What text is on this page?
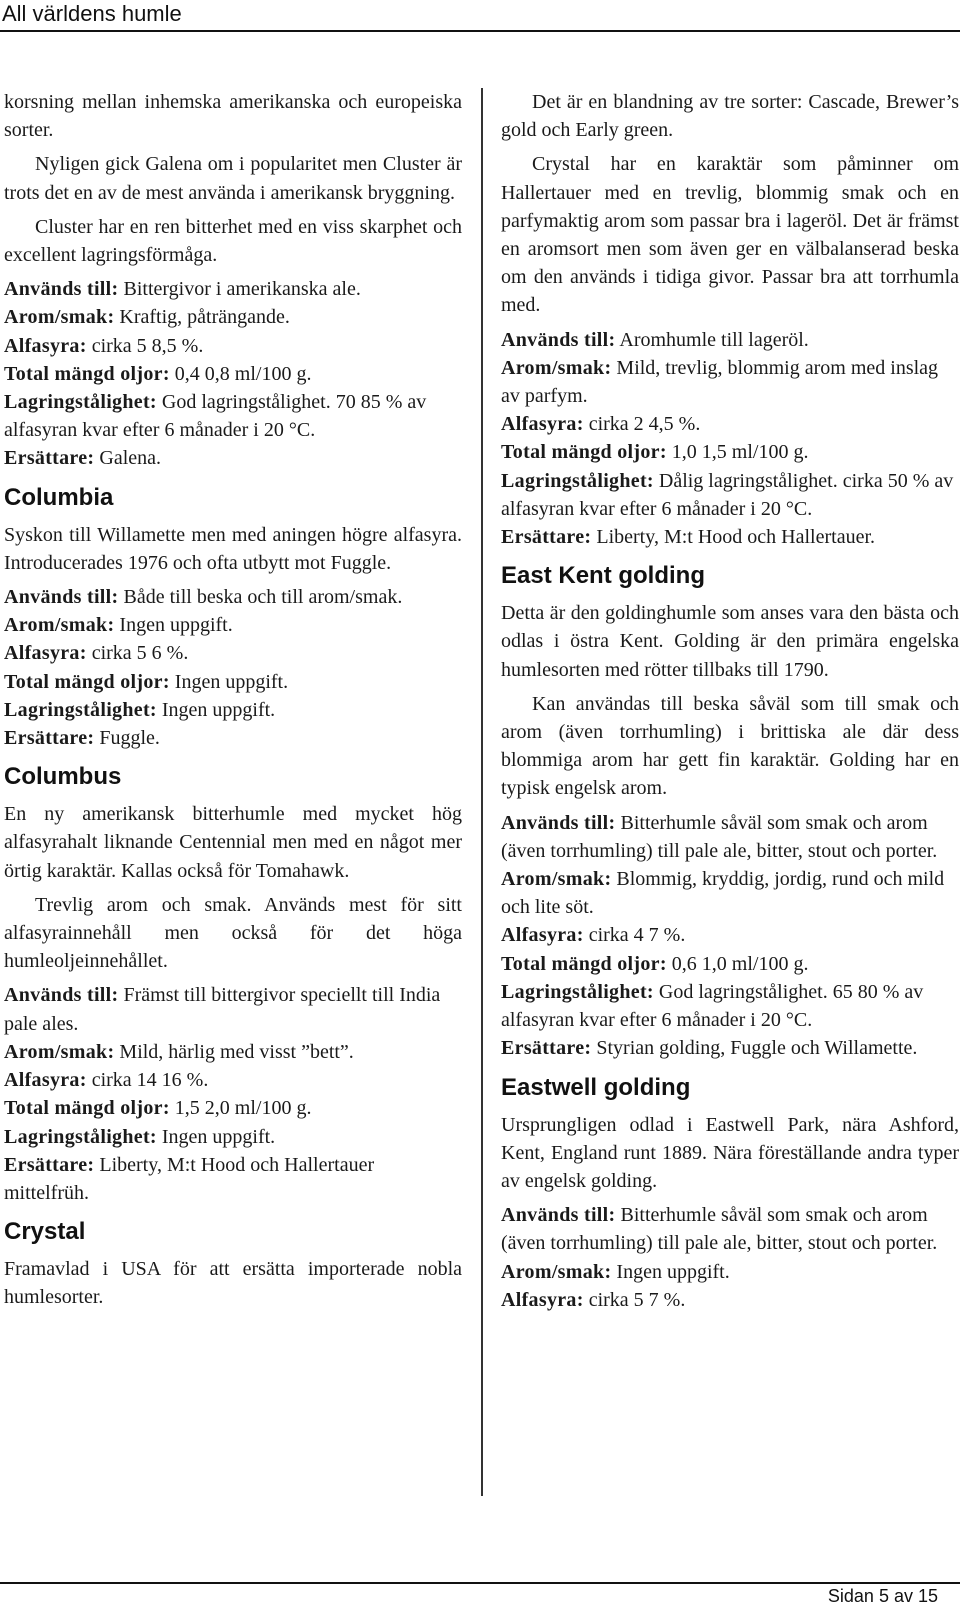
All världens humle

korsning mellan inhemska amerikanska och europeiska sorter.

Nyligen gick Galena om i popularitet men Cluster är trots det en av de mest använda i amerikansk bryggning.

Cluster har en ren bitterhet med en viss skarphet och excellent lagringsförmåga.

Används till: Bittergivor i amerikanska ale.

Arom/smak: Kraftig, påträngande.

Alfasyra: cirka 5 8,5 %.

Total mängd oljor: 0,4 0,8 ml/100 g.

Lagringstålighet: God lagringstålighet. 70 85 % av alfasyran kvar efter 6 månader i 20 °C.

Ersättare: Galena.

Columbia

Syskon till Willamette men med aningen högre alfasyra. Introducerades 1976 och ofta utbytt mot Fuggle.

Används till: Både till beska och till arom/smak.

Arom/smak: Ingen uppgift.

Alfasyra: cirka 5 6 %.

Total mängd oljor: Ingen uppgift.

Lagringstålighet: Ingen uppgift.

Ersättare: Fuggle.

Columbus

En ny amerikansk bitterhumle med mycket hög alfasyrahalt liknande Centennial men med en något mer örtig karaktär. Kallas också för Tomahawk.

Trevlig arom och smak. Används mest för sitt alfasyrainnehåll men också för det höga humleoljeinnehållet.

Används till: Främst till bittergivor speciellt till India pale ales.

Arom/smak: Mild, härlig med visst ”bett”.

Alfasyra: cirka 14 16 %.

Total mängd oljor: 1,5 2,0 ml/100 g.

Lagringstålighet: Ingen uppgift.

Ersättare: Liberty, M:t Hood och Hallertauer mittelfrüh.

Crystal

Framavlad i USA för att ersätta importerade nobla humlesorter.

Det är en blandning av tre sorter: Cascade, Brewer’s gold och Early green.

Crystal har en karaktär som påminner om Hallertauer med en trevlig, blommig smak och en parfymaktig arom som passar bra i lageröl. Det är främst en aromsort men som även ger en välbalanserad beska om den används i tidiga givor. Passar bra att torrhumla med.

Används till: Aromhumle till lageröl.

Arom/smak: Mild, trevlig, blommig arom med inslag av parfym.

Alfasyra: cirka 2 4,5 %.

Total mängd oljor: 1,0 1,5 ml/100 g.

Lagringstålighet: Dålig lagringstålighet. cirka 50 % av alfasyran kvar efter 6 månader i 20 °C.

Ersättare: Liberty, M:t Hood och Hallertauer.

East Kent golding

Detta är den goldinghumle som anses vara den bästa och odlas i östra Kent. Golding är den primära engelska humlesorten med rötter tillbaks till 1790.

Kan användas till beska såväl som till smak och arom (även torrhumling) i brittiska ale där dess blommiga arom har gett fin karaktär. Golding har en typisk engelsk arom.

Används till: Bitterhumle såväl som smak och arom (även torrhumling) till pale ale, bitter, stout och porter.

Arom/smak: Blommig, kryddig, jordig, rund och mild och lite söt.

Alfasyra: cirka 4 7 %.

Total mängd oljor: 0,6 1,0 ml/100 g.

Lagringstålighet: God lagringstålighet. 65 80 % av alfasyran kvar efter 6 månader i 20 °C.

Ersättare: Styrian golding, Fuggle och Willamette.

Eastwell golding

Ursprungligen odlad i Eastwell Park, nära Ashford, Kent, England runt 1889. Nära föreställande andra typer av engelsk golding.

Används till: Bitterhumle såväl som smak och arom (även torrhumling) till pale ale, bitter, stout och porter.

Arom/smak: Ingen uppgift.

Alfasyra: cirka 5 7 %.

Sidan 5 av 15
